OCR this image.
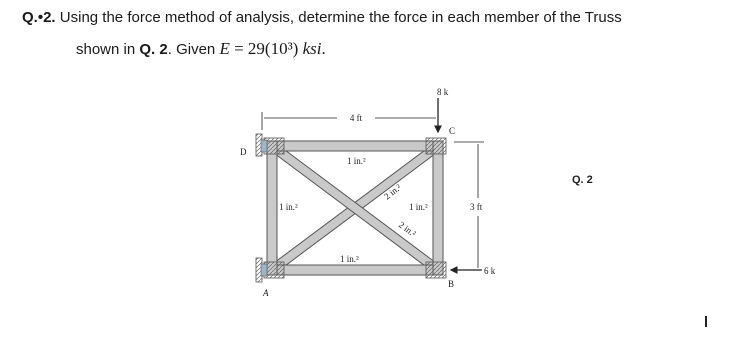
Q.•2. Using the force method of analysis, determine the force in each member of the Truss
shown in Q. 2. Given E = 29(10³) ksi.
4 ft
3 ft
8 k
6 k
D
A
B
C
1 in.²
1 in.²
1 in.²	1 in.²
2 in.²
2 in.²
Q. 2
